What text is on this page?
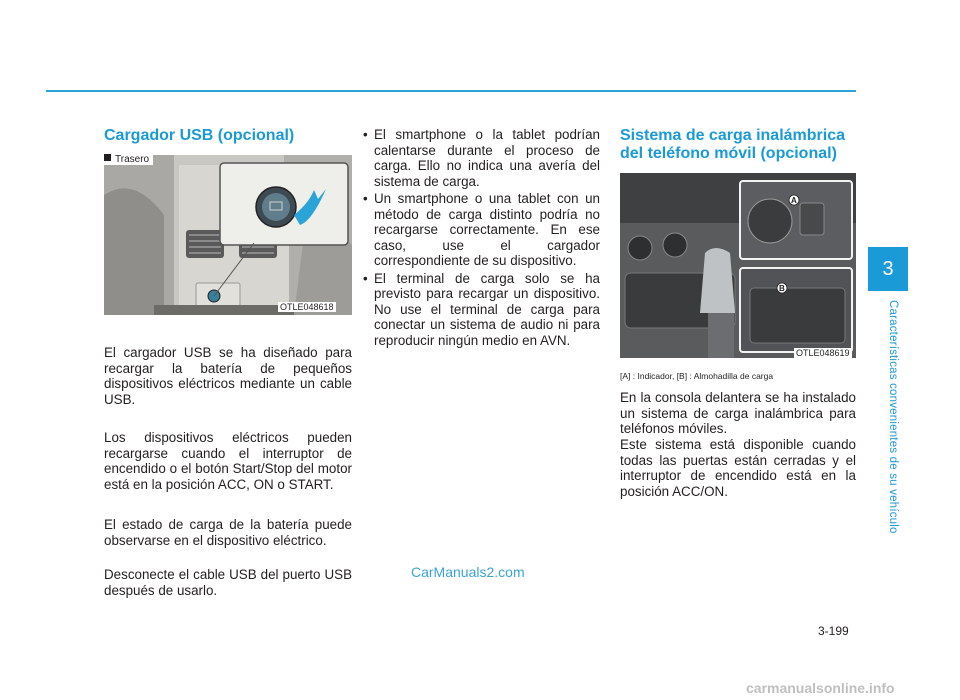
Cargador USB (opcional)
Trasero
OTLE048618

El cargador USB se ha diseñado para recargar la batería de pequeños dispositivos eléctricos mediante un cable USB.

Los dispositivos eléctricos pueden recargarse cuando el interruptor de encendido o el botón Start/Stop del motor está en la posición ACC, ON o START.

El estado de carga de la batería puede observarse en el dispositivo eléctrico.

Desconecte el cable USB del puerto USB después de usarlo.

• El smartphone o la tablet podrían calentarse durante el proceso de carga. Ello no indica una avería del sistema de carga.
• Un smartphone o una tablet con un método de carga distinto podría no recargarse correctamente. En ese caso, use el cargador correspondiente de su dispositivo.
• El terminal de carga solo se ha previsto para recargar un dispositivo. No use el terminal de carga para conectar un sistema de audio ni para reproducir ningún medio en AVN.
Sistema de carga inalámbrica del teléfono móvil (opcional)
A
B
OTLE048619
[A] : Indicador, [B] : Almohadilla de carga

En la consola delantera se ha instalado un sistema de carga inalámbrica para teléfonos móviles.

Este sistema está disponible cuando todas las puertas están cerradas y el interruptor de encendido está en la posición ACC/ON.

3
Características convenientes de su vehículo
3-199
CarManuals2.com
carmanualsonline.info
